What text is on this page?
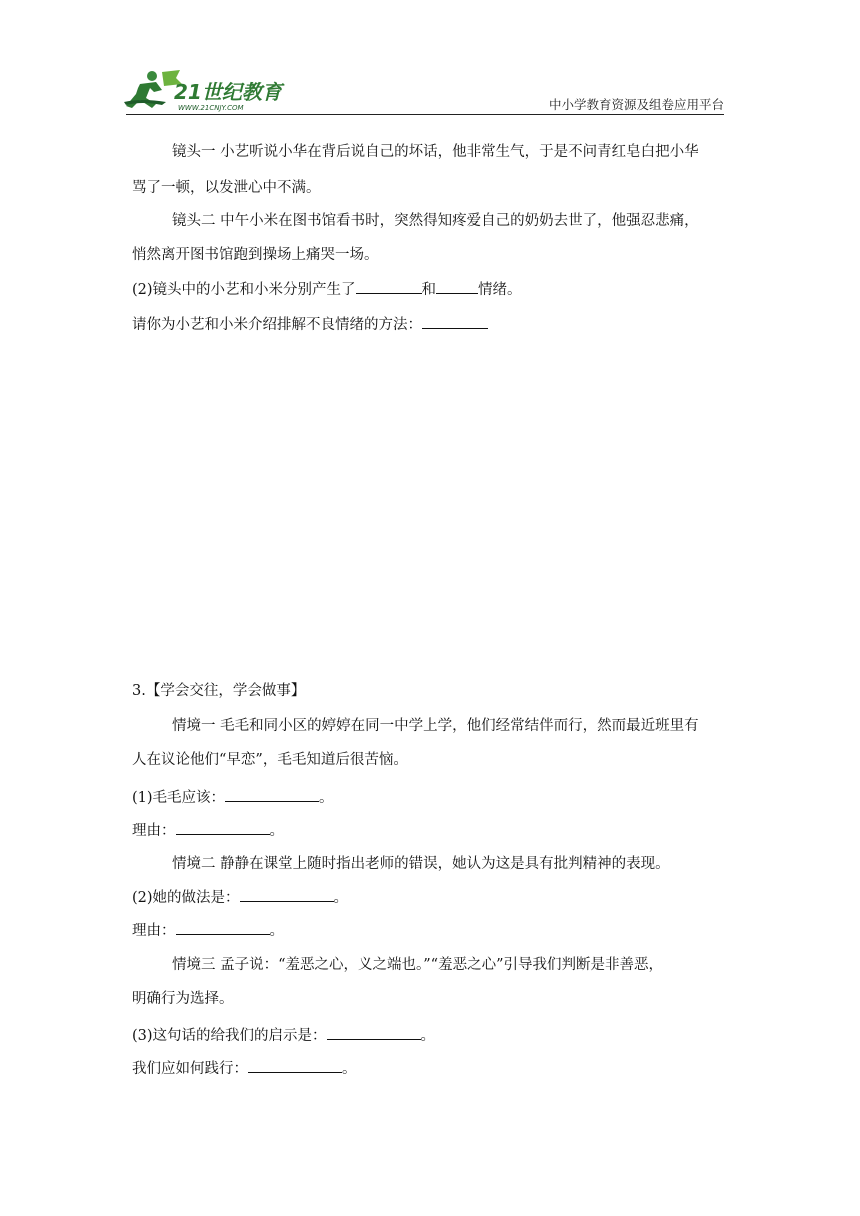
21世纪教育
WWW.21CNJY.COM	中小学教育资源及组卷应用平台
镜头一 小艺听说小华在背后说自己的坏话，他非常生气，于是不问青红皂白把小华
骂了一顿，以发泄心中不满。
镜头二 中午小米在图书馆看书时，突然得知疼爱自己的奶奶去世了，他强忍悲痛，
悄然离开图书馆跑到操场上痛哭一场。
(2)镜头中的小艺和小米分别产生了	和	情绪。
请你为小艺和小米介绍排解不良情绪的方法：
3.【学会交往，学会做事】
情境一 毛毛和同小区的婷婷在同一中学上学，他们经常结伴而行，然而最近班里有
人在议论他们“早恋”，毛毛知道后很苦恼。
(1)毛毛应该：	。
理由：	。
情境二 静静在课堂上随时指出老师的错误，她认为这是具有批判精神的表现。
(2)她的做法是：	。
理由：	。
情境三 孟子说：“羞恶之心，义之端也。”“羞恶之心”引导我们判断是非善恶，
明确行为选择。
(3)这句话的给我们的启示是：	。
我们应如何践行：	。
